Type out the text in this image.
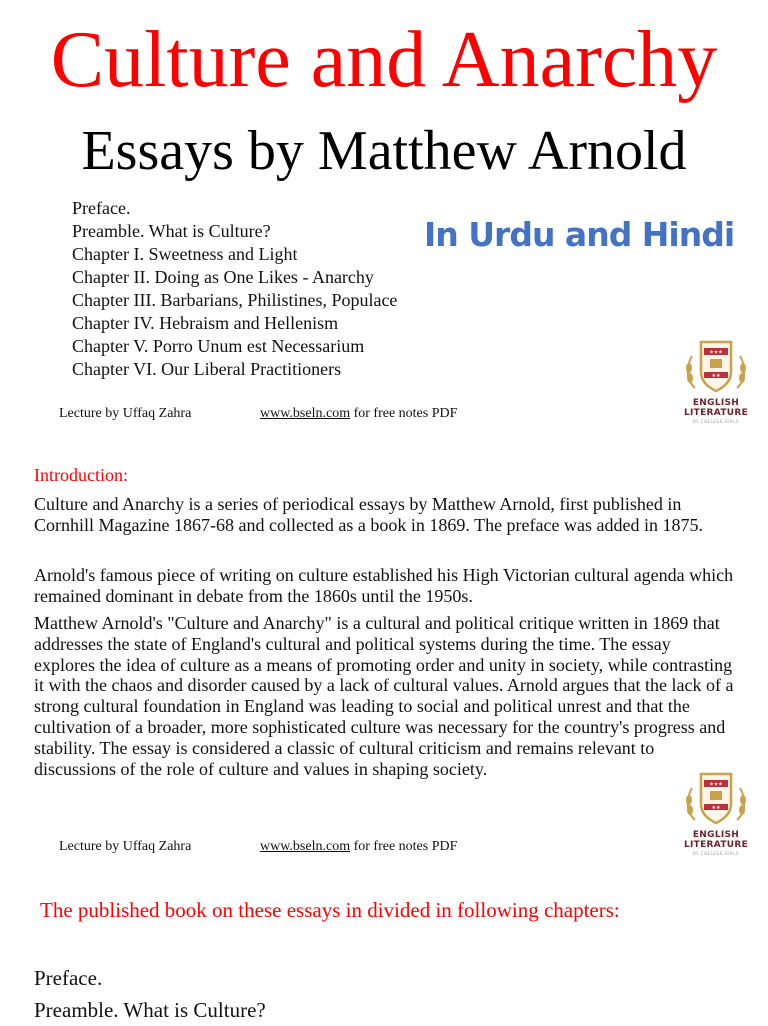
Culture and Anarchy
Essays by Matthew Arnold
Preface.
Preamble. What is Culture?
Chapter I. Sweetness and Light
Chapter II. Doing as One Likes - Anarchy
Chapter III. Barbarians, Philistines, Populace
Chapter IV. Hebraism and Hellenism
Chapter V. Porro Unum est Necessarium
Chapter VI. Our Liberal Practitioners
In Urdu and Hindi
★★★
★★
ENGLISH
LITERATURE
BY COLLEGE GIRLS
Lecture by Uffaq Zahra	www.bseln.com for free notes PDF
Introduction:
Culture and Anarchy is a series of periodical essays by Matthew Arnold, first published in Cornhill Magazine 1867-68 and collected as a book in 1869. The preface was added in 1875.
Arnold's famous piece of writing on culture established his High Victorian cultural agenda which remained dominant in debate from the 1860s until the 1950s.
Matthew Arnold's "Culture and Anarchy" is a cultural and political critique written in 1869 that addresses the state of England's cultural and political systems during the time. The essay explores the idea of culture as a means of promoting order and unity in society, while contrasting it with the chaos and disorder caused by a lack of cultural values. Arnold argues that the lack of a strong cultural foundation in England was leading to social and political unrest and that the cultivation of a broader, more sophisticated culture was necessary for the country's progress and stability. The essay is considered a classic of cultural criticism and remains relevant to discussions of the role of culture and values in shaping society.
★★★
★★
ENGLISH
LITERATURE
BY COLLEGE GIRLS
Lecture by Uffaq Zahra	www.bseln.com for free notes PDF
The published book on these essays in divided in following chapters:
Preface.
Preamble. What is Culture?
